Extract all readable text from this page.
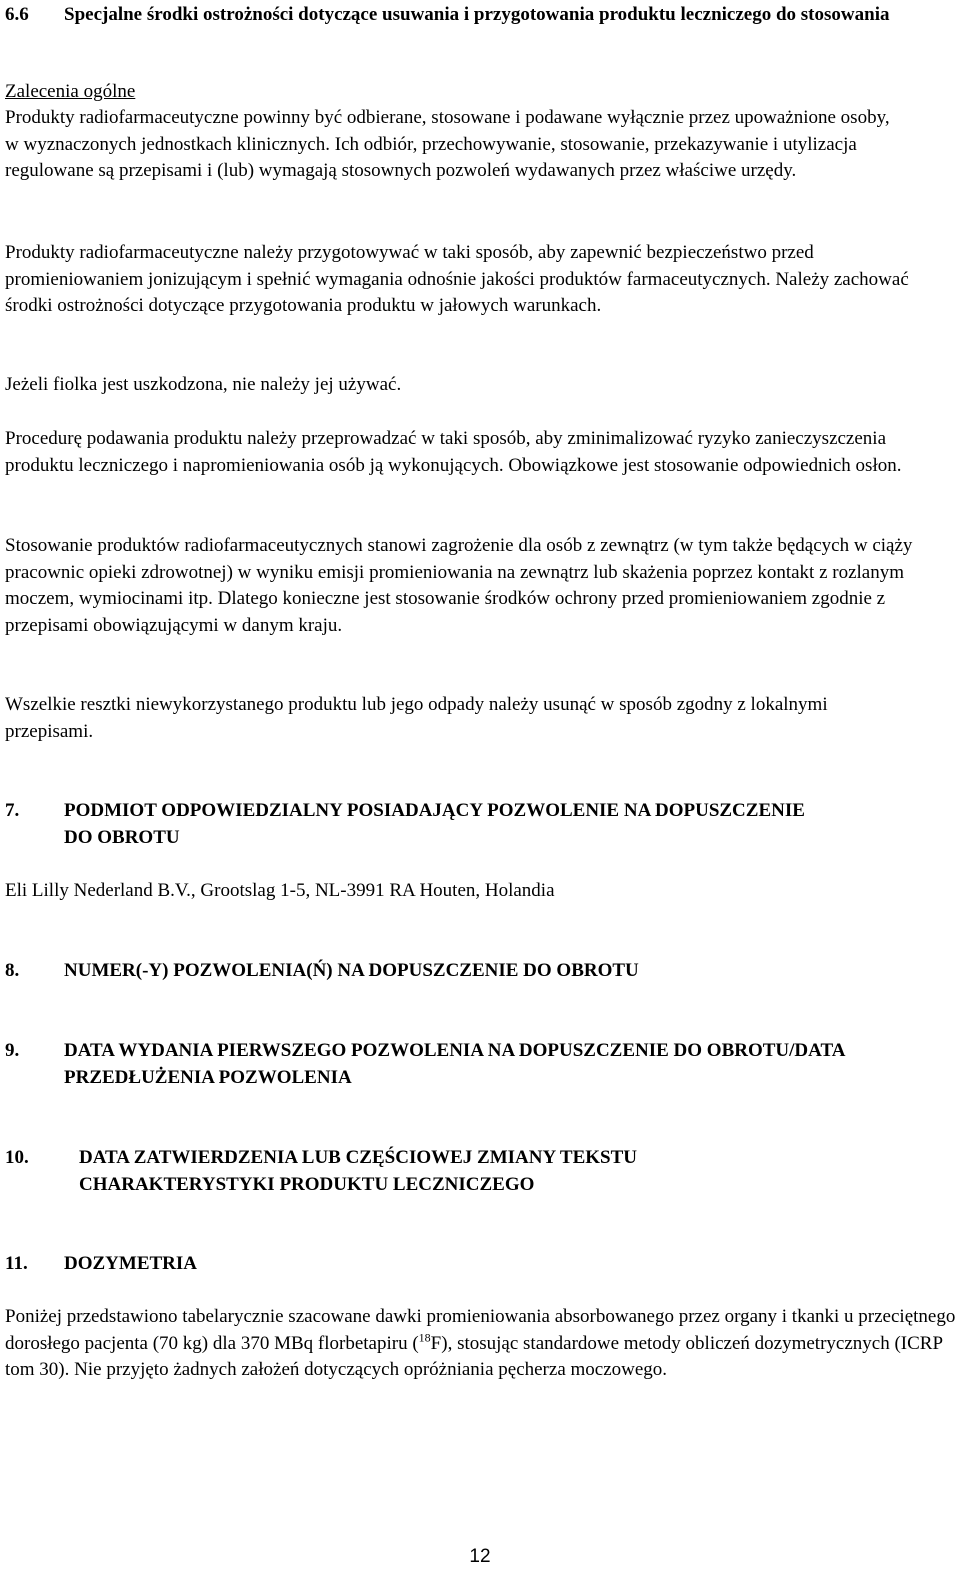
6.6	Specjalne środki ostrożności dotyczące usuwania i przygotowania produktu leczniczego do stosowania

Zalecenia ogólne

Produkty radiofarmaceutyczne powinny być odbierane, stosowane i podawane wyłącznie przez upoważnione osoby, w wyznaczonych jednostkach klinicznych. Ich odbiór, przechowywanie, stosowanie, przekazywanie i utylizacja regulowane są przepisami i (lub) wymagają stosownych pozwoleń wydawanych przez właściwe urzędy.

Produkty radiofarmaceutyczne należy przygotowywać w taki sposób, aby zapewnić bezpieczeństwo przed promieniowaniem jonizującym i spełnić wymagania odnośnie jakości produktów farmaceutycznych. Należy zachować środki ostrożności dotyczące przygotowania produktu w jałowych warunkach.

Jeżeli fiolka jest uszkodzona, nie należy jej używać.

Procedurę podawania produktu należy przeprowadzać w taki sposób, aby zminimalizować ryzyko zanieczyszczenia produktu leczniczego i napromieniowania osób ją wykonujących. Obowiązkowe jest stosowanie odpowiednich osłon.

Stosowanie produktów radiofarmaceutycznych stanowi zagrożenie dla osób z zewnątrz (w tym także będących w ciąży pracownic opieki zdrowotnej) w wyniku emisji promieniowania na zewnątrz lub skażenia poprzez kontakt z rozlanym moczem, wymiocinami itp. Dlatego konieczne jest stosowanie środków ochrony przed promieniowaniem zgodnie z przepisami obowiązującymi w danym kraju.

Wszelkie resztki niewykorzystanego produktu lub jego odpady należy usunąć w sposób zgodny z lokalnymi przepisami.

7.	PODMIOT ODPOWIEDZIALNY POSIADAJĄCY POZWOLENIE NA DOPUSZCZENIE DO OBROTU

Eli Lilly Nederland B.V., Grootslag 1-5, NL-3991 RA Houten, Holandia

8.	NUMER(-Y) POZWOLENIA(Ń) NA DOPUSZCZENIE DO OBROTU
9.	DATA WYDANIA PIERWSZEGO POZWOLENIA NA DOPUSZCZENIE DO OBROTU/DATA PRZEDŁUŻENIA POZWOLENIA
10.	DATA ZATWIERDZENIA LUB CZĘŚCIOWEJ ZMIANY TEKSTU CHARAKTERYSTYKI PRODUKTU LECZNICZEGO
11.	DOZYMETRIA

Poniżej przedstawiono tabelarycznie szacowane dawki promieniowania absorbowanego przez organy i tkanki u przeciętnego dorosłego pacjenta (70 kg) dla 370 MBq florbetapiru ($^{18}$F), stosując standardowe metody obliczeń dozymetrycznych (ICRP tom 30). Nie przyjęto żadnych założeń dotyczących opróżniania pęcherza moczowego.

12
